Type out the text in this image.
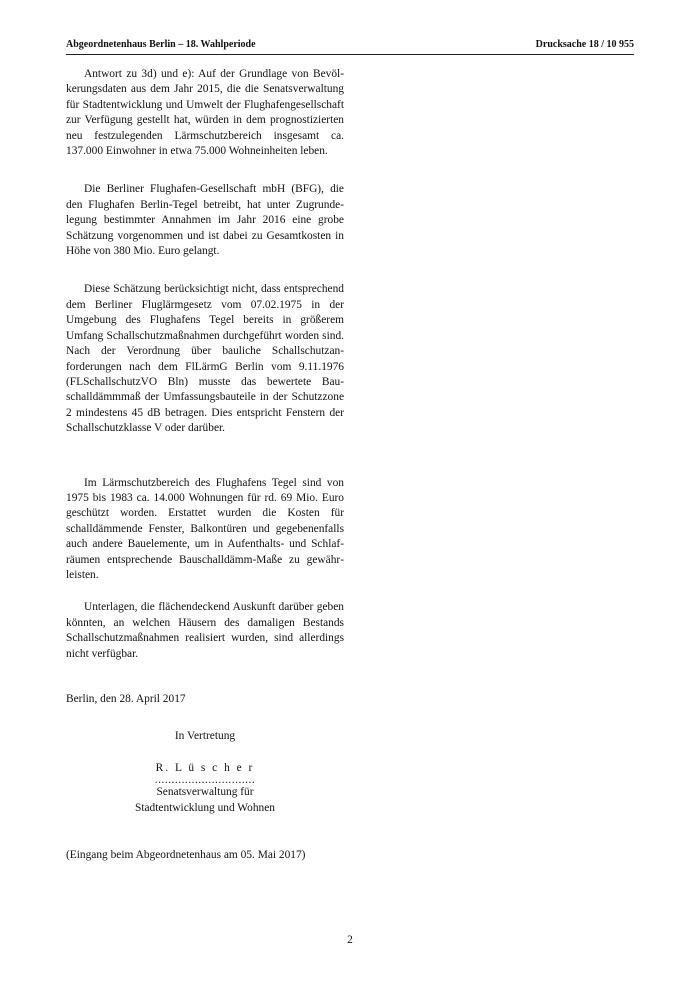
Abgeordnetenhaus Berlin – 18. Wahlperiode	Drucksache 18 / 10 955

Antwort zu 3d) und e): Auf der Grundlage von Bevölkerungsdaten aus dem Jahr 2015, die die Senatsverwaltung für Stadtentwicklung und Umwelt der Flughafengesellschaft zur Verfügung gestellt hat, würden in dem prognostizierten neu festzulegenden Lärmschutzbereich insgesamt ca. 137.000 Einwohner in etwa 75.000 Wohneinheiten leben.

Die Berliner Flughafen-Gesellschaft mbH (BFG), die den Flughafen Berlin-Tegel betreibt, hat unter Zugrundelegung bestimmter Annahmen im Jahr 2016 eine grobe Schätzung vorgenommen und ist dabei zu Gesamtkosten in Höhe von 380 Mio. Euro gelangt.

Diese Schätzung berücksichtigt nicht, dass entsprechend dem Berliner Fluglärmgesetz vom 07.02.1975 in der Umgebung des Flughafens Tegel bereits in größerem Umfang Schallschutzmaßnahmen durchgeführt worden sind. Nach der Verordnung über bauliche Schallschutzanforderungen nach dem FlLärmG Berlin vom 9.11.1976 (FLSchallschutzVO Bln) musste das bewertete Bauschalldämmmaß der Umfassungsbauteile in der Schutzzone 2 mindestens 45 dB betragen. Dies entspricht Fenstern der Schallschutzklasse V oder darüber.

Im Lärmschutzbereich des Flughafens Tegel sind von 1975 bis 1983 ca. 14.000 Wohnungen für rd. 69 Mio. Euro geschützt worden. Erstattet wurden die Kosten für schalldämmende Fenster, Balkontüren und gegebenenfalls auch andere Bauelemente, um in Aufenthalts- und Schlafräumen entsprechende Bauschalldämm-Maße zu gewährleisten.

Unterlagen, die flächendeckend Auskunft darüber geben könnten, an welchen Häusern des damaligen Bestands Schallschutzmaßnahmen realisiert wurden, sind allerdings nicht verfügbar.

Berlin, den 28. April 2017

In Vertretung
R. L ü s c h e r
..............................
Senatsverwaltung für
Stadtentwicklung und Wohnen

(Eingang beim Abgeordnetenhaus am 05. Mai 2017)

2
